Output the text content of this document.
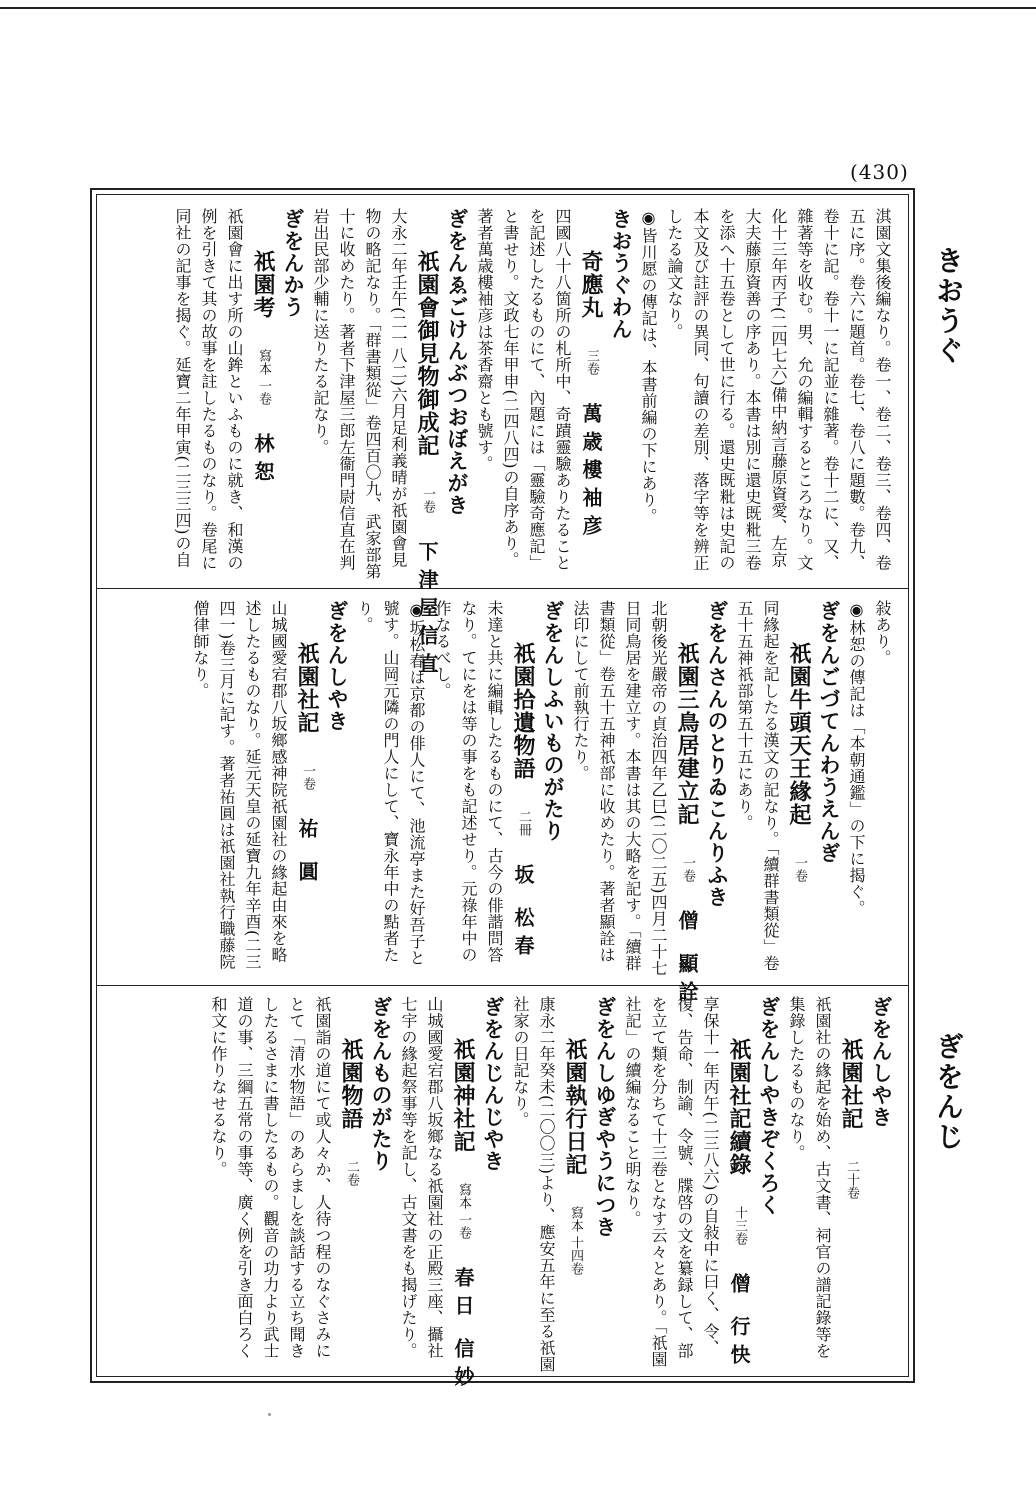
(430)
きおうぐ
ぎをんじ

淇園文集後編なり。卷一、卷二、卷三、卷四、卷五に序。卷六に題首。卷七、卷八に題數。卷九、卷十に記。卷十一に記並に雜著。卷十二に、又、雜著等を收む。男、允の編輯するところなり。文化十三年丙子(二四七六)備中納言藤原資愛、左京大夫藤原資善の序あり。本書は別に還史既粃三卷を添へ十五卷として世に行る。還史既粃は史記の本文及び註評の異同、句讀の差別、落字等を辨正したる論文なり。

◉皆川愿の傳記は、本書前編の下にあり。

きおうぐわん
奇應丸三卷萬歳樓袖彦

四國八十八箇所の札所中、奇蹟靈驗ありたることを記述したるものにて、內題には「靈驗奇應記」と書せり。文政七年甲申(二四八四)の自序あり。著者萬歳樓袖彦は茶香齋とも號す。

ぎをんゑごけんぶつおぼえがき
祇園會御見物御成記一卷下津屋信直

大永二年壬午(二一八二)六月足利義晴が祇園會見物の略記なり。「群書類從」卷四百〇九、武家部第十に收めたり。著者下津屋三郎左衞門尉信直在判岩出民部少輔に送りたる記なり。

ぎをんかう
祇園考寫本 一卷林恕

祇園會に出す所の山鉾といふものに就き、和漢の例を引きて其の故事を註したるものなり。卷尾に同社の記事を揭ぐ。延寶二年甲寅(二三三四)の自

敍あり。

◉林恕の傳記は「本朝通鑑」の下に揭ぐ。

ぎをんごづてんわうえんぎ
祇園牛頭天王緣起一卷

同緣起を記したる漢文の記なり。「續群書類從」卷五十五神祇部第五十五にあり。

ぎをんさんのとりゐこんりふき
祇園三鳥居建立記一卷僧 顯詮

北朝後光嚴帝の貞治四年乙巳(二〇二五)四月二十七日同鳥居を建立す。本書は其の大略を記す。「續群書類從」卷五十五神祇部に收めたり。著者顯詮は法印にして前執行たり。

ぎをんしふいものがたり
祇園拾遺物語二冊坂 松春

未達と共に編輯したるものにて、古今の俳諧問答なり。てにをは等の事をも記述せり。元祿年中の作なるべし。

◉坂松春は京都の俳人にて、池流亭また好吾子と號す。山岡元隣の門人にして、寶永年中の點者たり。

ぎをんしやき
祇園社記一卷祐 圓

山城國愛宕郡八坂鄉感神院祇園社の緣起由來を略述したるものなり。延元天皇の延寶九年辛酉(二三四一)卷三月に記す。著者祐圓は祇園社執行職藤院僧律師なり。

ぎをんしやき
祇園社記二十卷

祇園社の緣起を始め、古文書、祠官の譜記錄等を集錄したるものなり。

ぎをんしやきぞくろく
祇園社記續錄十三卷僧 行快

享保十一年丙午(二三八六)の自敍中に曰く、令、復、告命、制諭、令號、牒啓の文を纂録して、部を立て類を分ちて十三卷となす云々とあり。「祇園社記」の續編なること明なり。

ぎをんしゆぎやうにつき
祇園執行日記寫本 十四卷

康永二年癸未(二〇〇三)より、應安五年に至る祇園社家の日記なり。

ぎをんじんじやき
祇園神社記寫本 一卷春日 信妙

山城國愛宕郡八坂鄉なる祇園社の正殿三座、攝社七宇の緣起祭事等を記し、古文書をも揭げたり。

ぎをんものがたり
祇園物語二卷

祇園詣の道にて或人々か、人待つ程のなぐさみにとて「清水物語」のあらましを談話する立ち聞きしたるさまに書したるもの。觀音の功力より武士道の事、三綱五常の事等、廣く例を引き面白ろく和文に作りなせるなり。
